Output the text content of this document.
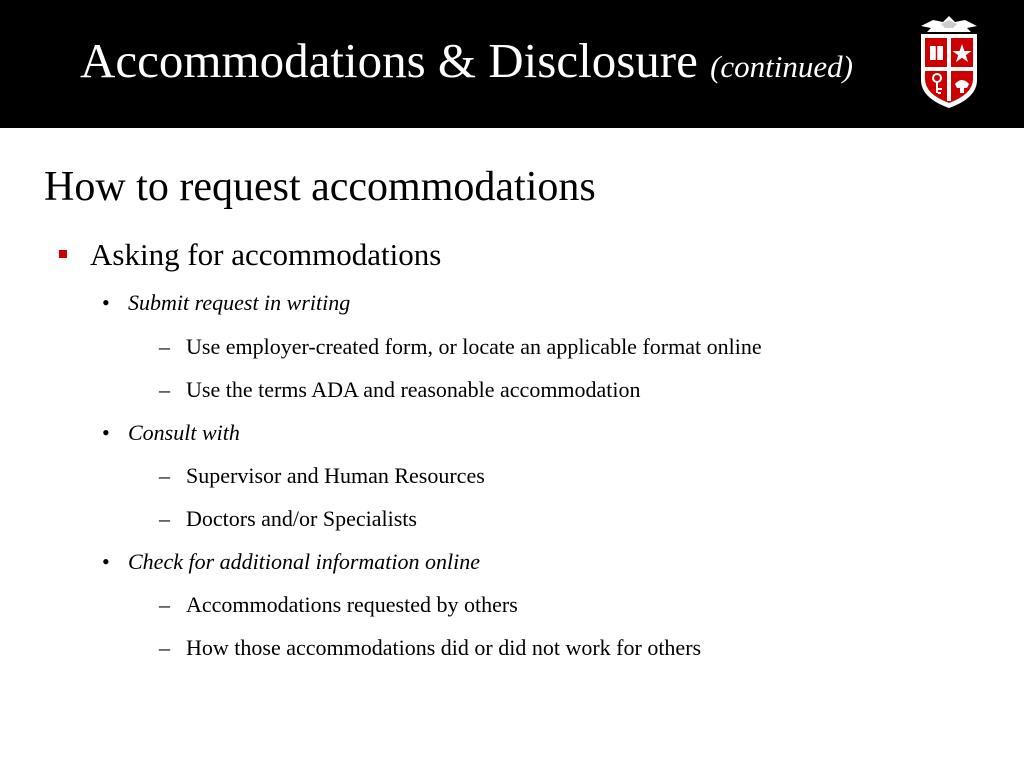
Accommodations & Disclosure (continued)
How to request accommodations
Asking for accommodations
• Submit request in writing
– Use employer-created form, or locate an applicable format online
– Use the terms ADA and reasonable accommodation
• Consult with
– Supervisor and Human Resources
– Doctors and/or Specialists
• Check for additional information online
– Accommodations requested by others
– How those accommodations did or did not work for others
